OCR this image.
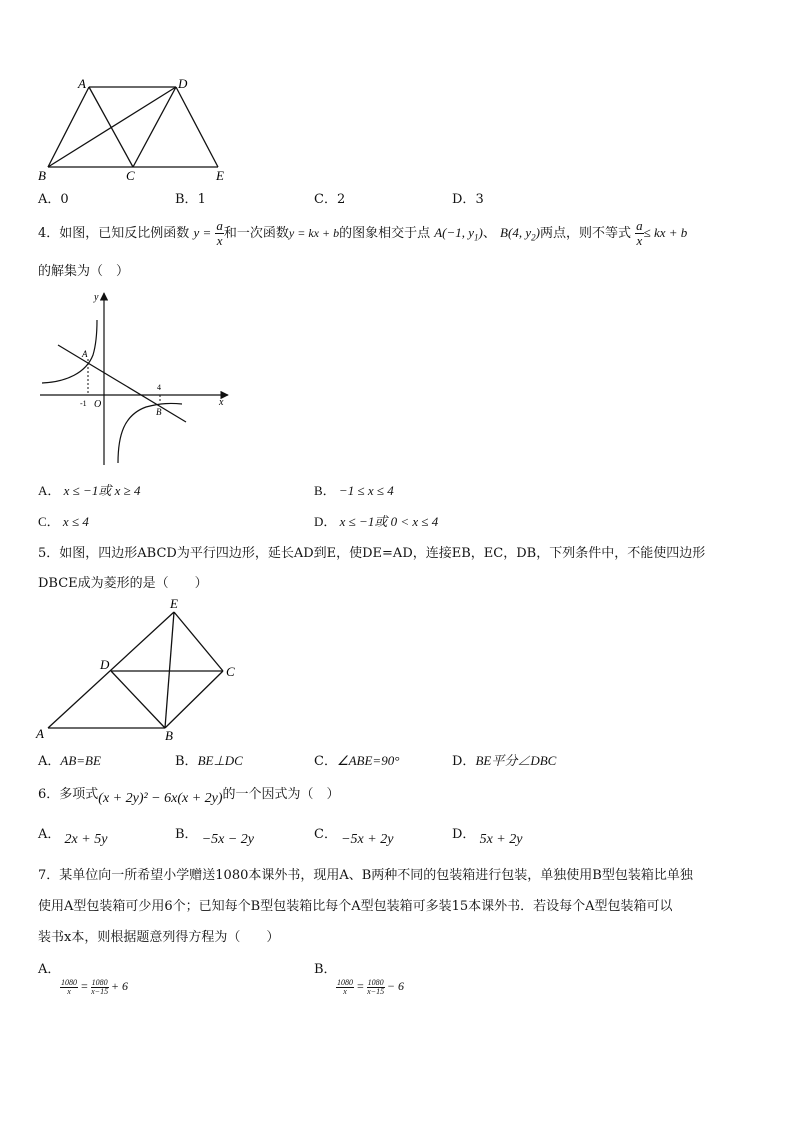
A	D
B	C	E
A．0	B．1	C．2	D．3
4．如图，已知反比例函数 $y = \frac{a}{x}$ 和一次函数y = kx + b的图象相交于点 A(−1, $y_1$)、 B(4, $y_2$)两点，则不等式 $\frac{a}{x}$ ≤ kx + b
的解集为（　）
y
x
O
A
B
-1
4
A． x ≤ −1或 x ≥ 4	B． −1 ≤ x ≤ 4
C． x ≤ 4	D． x ≤ −1或 0 < x ≤ 4
5．如图，四边形ABCD为平行四边形，延长AD到E，使DE=AD，连接EB，EC，DB，下列条件中，不能使四边形
DBCE成为菱形的是（　　）
E
D	C
A	B
A．AB=BE	B．BE⊥DC	C．∠ABE=90°	D．BE平分∠DBC
6．多项式(x + 2y)² − 6x(x + 2y)的一个因式为（　）
A． 2x + 5y	B． −5x − 2y	C． −5x + 2y	D． 5x + 2y
7．某单位向一所希望小学赠送1080本课外书，现用A、B两种不同的包装箱进行包装，单独使用B型包装箱比单独
使用A型包装箱可少用6个；已知每个B型包装箱比每个A型包装箱可多装15本课外书．若设每个A型包装箱可以
装书x本，则根据题意列得方程为（　　）
A．
$\frac{1080}{x} = \frac{1080}{x-15} + 6$
B．
$\frac{1080}{x} = \frac{1080}{x-15} - 6$
